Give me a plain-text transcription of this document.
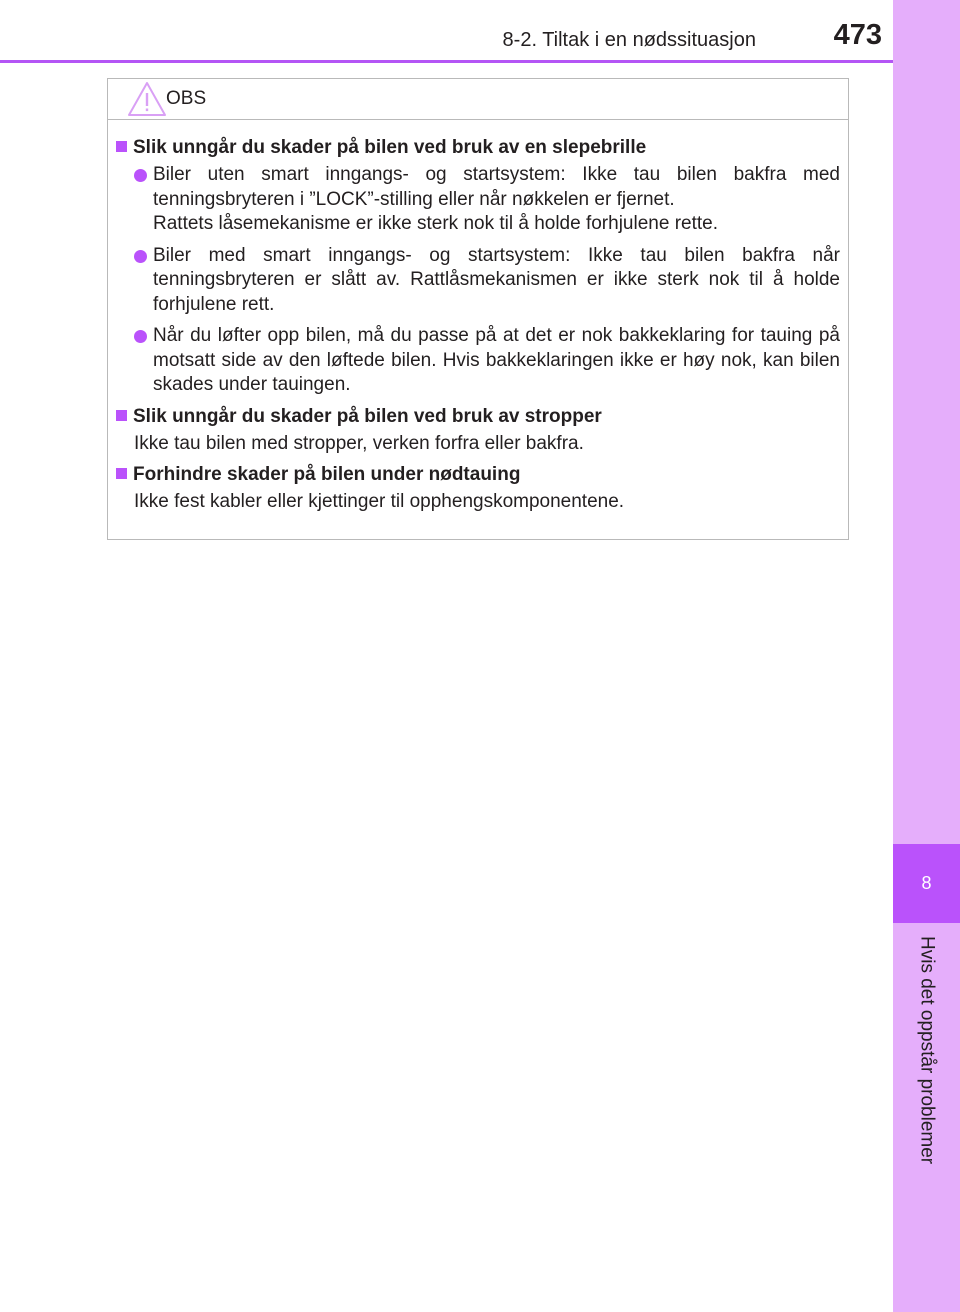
8-2. Tiltak i en nødssituasjon	473
8
Hvis det oppstår problemer
OBS
Slik unngår du skader på bilen ved bruk av en slepebrille
Biler uten smart inngangs- og startsystem: Ikke tau bilen bakfra med tenningsbryteren i ”LOCK”-stilling eller når nøkkelen er fjernet.
Rattets låsemekanisme er ikke sterk nok til å holde forhjulene rette.
Biler med smart inngangs- og startsystem: Ikke tau bilen bakfra når tenningsbryteren er slått av. Rattlåsmekanismen er ikke sterk nok til å holde forhjulene rett.
Når du løfter opp bilen, må du passe på at det er nok bakkeklaring for tauing på motsatt side av den løftede bilen. Hvis bakkeklaringen ikke er høy nok, kan bilen skades under tauingen.
Slik unngår du skader på bilen ved bruk av stropper
Ikke tau bilen med stropper, verken forfra eller bakfra.
Forhindre skader på bilen under nødtauing
Ikke fest kabler eller kjettinger til opphengskomponentene.
